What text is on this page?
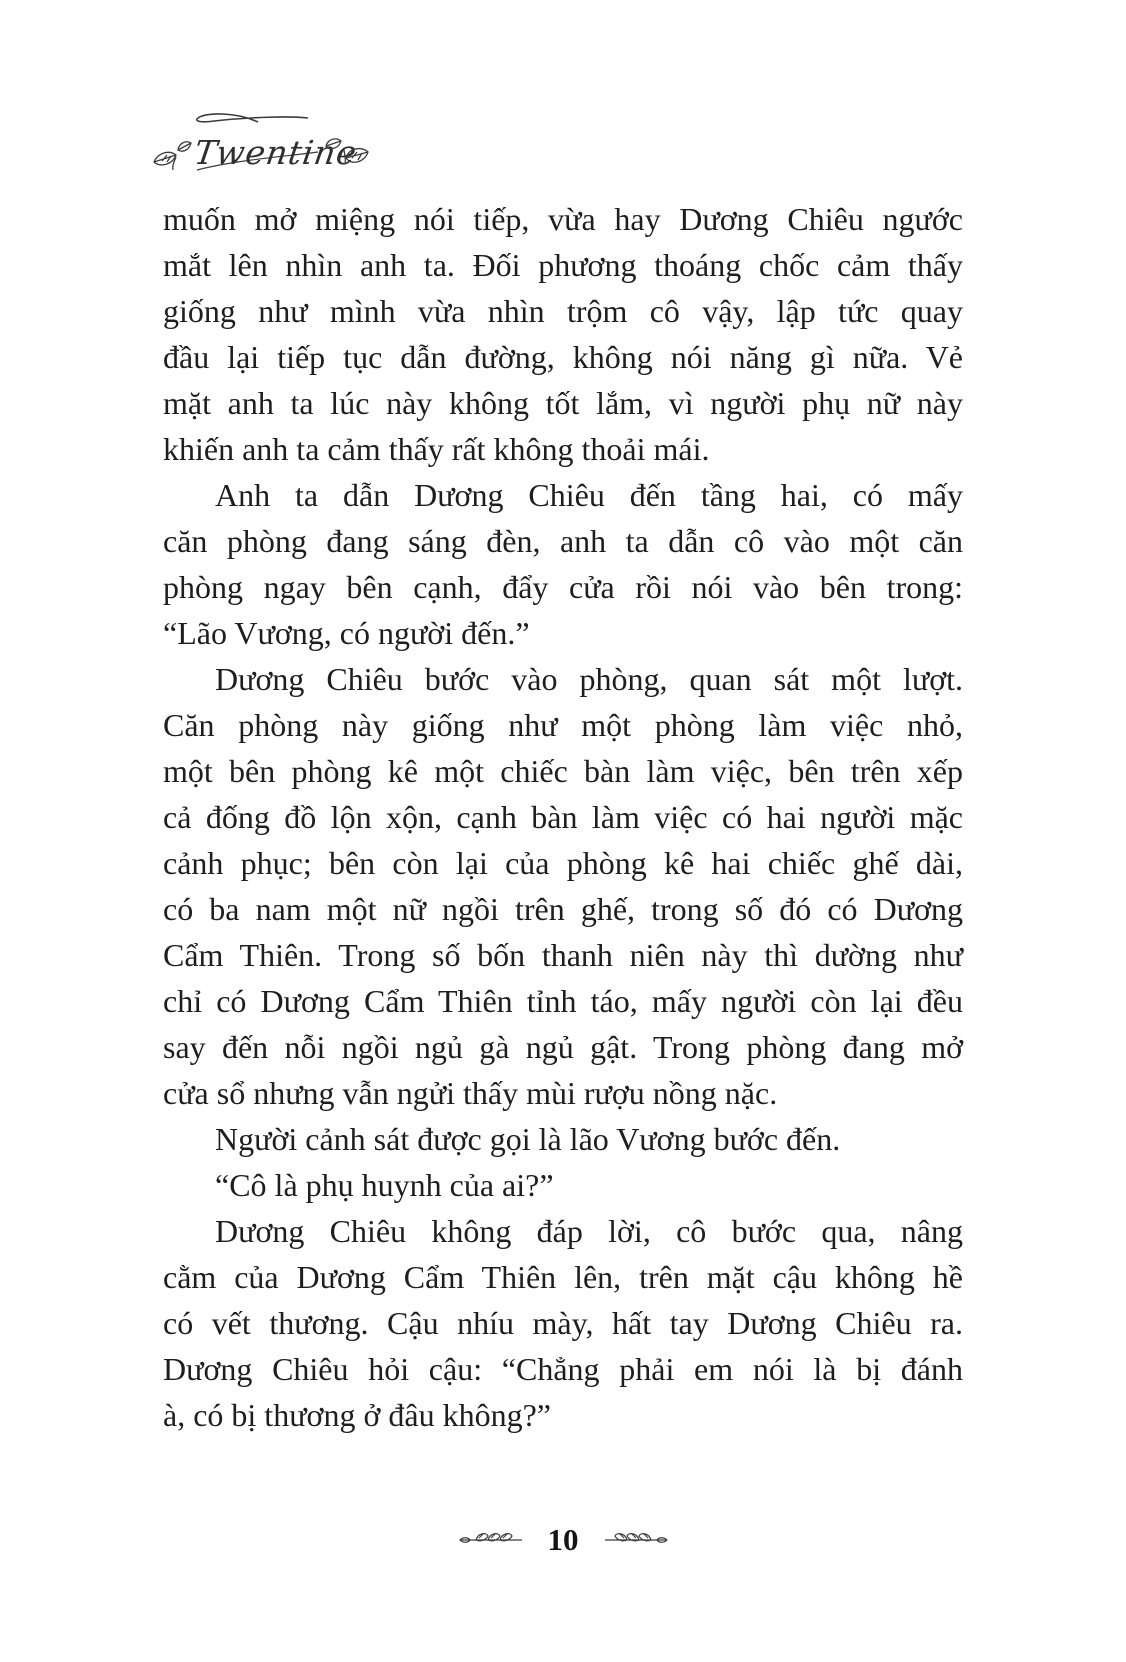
Twentine
muốn mở miệng nói tiếp, vừa hay Dương Chiêu ngước
mắt lên nhìn anh ta. Đối phương thoáng chốc cảm thấy
giống như mình vừa nhìn trộm cô vậy, lập tức quay
đầu lại tiếp tục dẫn đường, không nói năng gì nữa. Vẻ
mặt anh ta lúc này không tốt lắm, vì người phụ nữ này
khiến anh ta cảm thấy rất không thoải mái.
Anh ta dẫn Dương Chiêu đến tầng hai, có mấy
căn phòng đang sáng đèn, anh ta dẫn cô vào một căn
phòng ngay bên cạnh, đẩy cửa rồi nói vào bên trong:
“Lão Vương, có người đến.”
Dương Chiêu bước vào phòng, quan sát một lượt.
Căn phòng này giống như một phòng làm việc nhỏ,
một bên phòng kê một chiếc bàn làm việc, bên trên xếp
cả đống đồ lộn xộn, cạnh bàn làm việc có hai người mặc
cảnh phục; bên còn lại của phòng kê hai chiếc ghế dài,
có ba nam một nữ ngồi trên ghế, trong số đó có Dương
Cẩm Thiên. Trong số bốn thanh niên này thì dường như
chỉ có Dương Cẩm Thiên tỉnh táo, mấy người còn lại đều
say đến nỗi ngồi ngủ gà ngủ gật. Trong phòng đang mở
cửa sổ nhưng vẫn ngửi thấy mùi rượu nồng nặc.
Người cảnh sát được gọi là lão Vương bước đến.
“Cô là phụ huynh của ai?”
Dương Chiêu không đáp lời, cô bước qua, nâng
cằm của Dương Cẩm Thiên lên, trên mặt cậu không hề
có vết thương. Cậu nhíu mày, hất tay Dương Chiêu ra.
Dương Chiêu hỏi cậu: “Chẳng phải em nói là bị đánh
à, có bị thương ở đâu không?”
10
